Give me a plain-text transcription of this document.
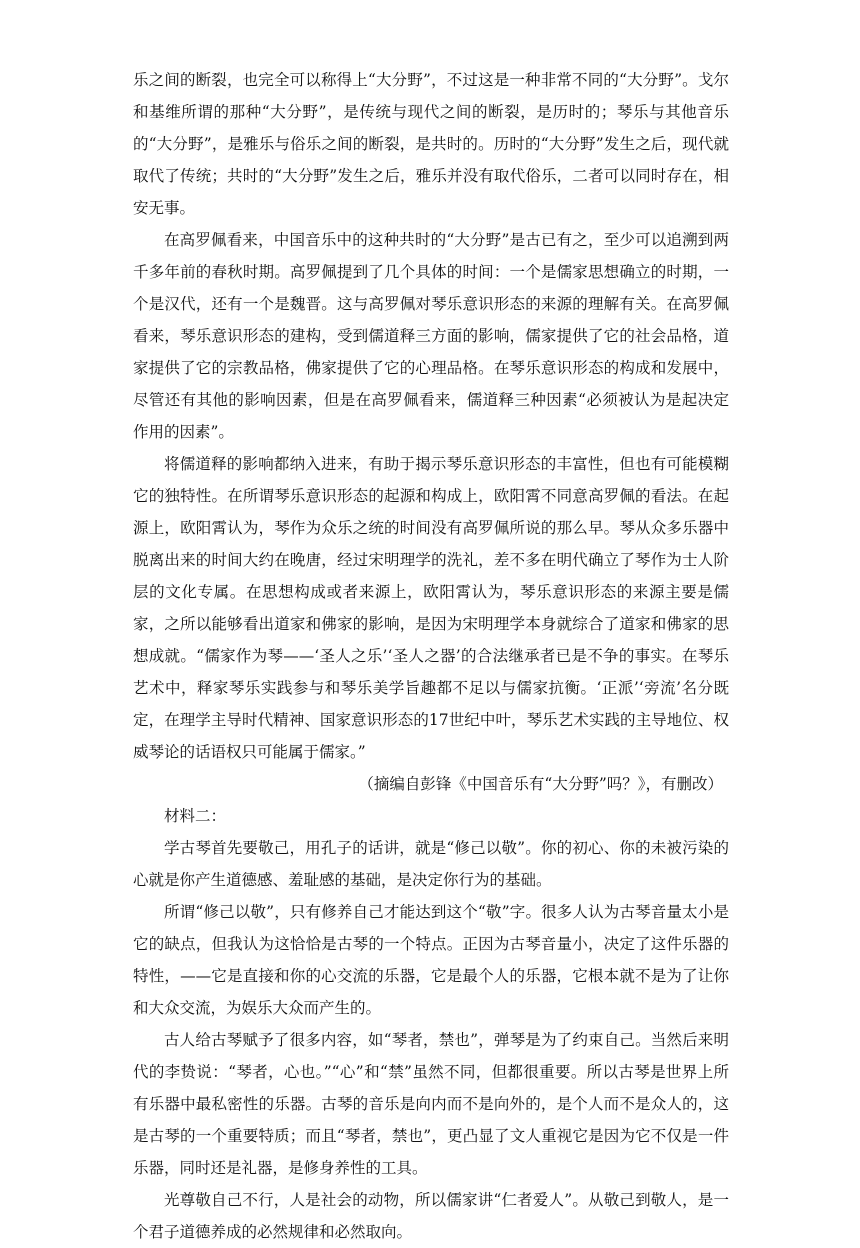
乐之间的断裂，也完全可以称得上“大分野”，不过这是一种非常不同的“大分野”。戈尔和基维所谓的那种“大分野”，是传统与现代之间的断裂，是历时的；琴乐与其他音乐的“大分野”，是雅乐与俗乐之间的断裂，是共时的。历时的“大分野”发生之后，现代就取代了传统；共时的“大分野”发生之后，雅乐并没有取代俗乐，二者可以同时存在，相安无事。

在高罗佩看来，中国音乐中的这种共时的“大分野”是古已有之，至少可以追溯到两千多年前的春秋时期。高罗佩提到了几个具体的时间：一个是儒家思想确立的时期，一个是汉代，还有一个是魏晋。这与高罗佩对琴乐意识形态的来源的理解有关。在高罗佩看来，琴乐意识形态的建构，受到儒道释三方面的影响，儒家提供了它的社会品格，道家提供了它的宗教品格，佛家提供了它的心理品格。在琴乐意识形态的构成和发展中，尽管还有其他的影响因素，但是在高罗佩看来，儒道释三种因素“必须被认为是起决定作用的因素”。

将儒道释的影响都纳入进来，有助于揭示琴乐意识形态的丰富性，但也有可能模糊它的独特性。在所谓琴乐意识形态的起源和构成上，欧阳霄不同意高罗佩的看法。在起源上，欧阳霄认为，琴作为众乐之统的时间没有高罗佩所说的那么早。琴从众多乐器中脱离出来的时间大约在晚唐，经过宋明理学的洗礼，差不多在明代确立了琴作为士人阶层的文化专属。在思想构成或者来源上，欧阳霄认为，琴乐意识形态的来源主要是儒家，之所以能够看出道家和佛家的影响，是因为宋明理学本身就综合了道家和佛家的思想成就。“儒家作为琴——‘圣人之乐’‘圣人之器’的合法继承者已是不争的事实。在琴乐艺术中，释家琴乐实践参与和琴乐美学旨趣都不足以与儒家抗衡。‘正派’‘旁流’名分既定，在理学主导时代精神、国家意识形态的17世纪中叶，琴乐艺术实践的主导地位、权威琴论的话语权只可能属于儒家。”

（摘编自彭锋《中国音乐有“大分野”吗？》，有删改）

材料二：

学古琴首先要敬己，用孔子的话讲，就是“修己以敬”。你的初心、你的未被污染的心就是你产生道德感、羞耻感的基础，是决定你行为的基础。

所谓“修己以敬”，只有修养自己才能达到这个“敬”字。很多人认为古琴音量太小是它的缺点，但我认为这恰恰是古琴的一个特点。正因为古琴音量小，决定了这件乐器的特性，——它是直接和你的心交流的乐器，它是最个人的乐器，它根本就不是为了让你和大众交流，为娱乐大众而产生的。

古人给古琴赋予了很多内容，如“琴者，禁也”，弹琴是为了约束自己。当然后来明代的李贽说：“琴者，心也。”“心”和“禁”虽然不同，但都很重要。所以古琴是世界上所有乐器中最私密性的乐器。古琴的音乐是向内而不是向外的，是个人而不是众人的，这是古琴的一个重要特质；而且“琴者，禁也”，更凸显了文人重视它是因为它不仅是一件乐器，同时还是礼器，是修身养性的工具。

光尊敬自己不行，人是社会的动物，所以儒家讲“仁者爱人”。从敬己到敬人，是一个君子道德养成的必然规律和必然取向。
